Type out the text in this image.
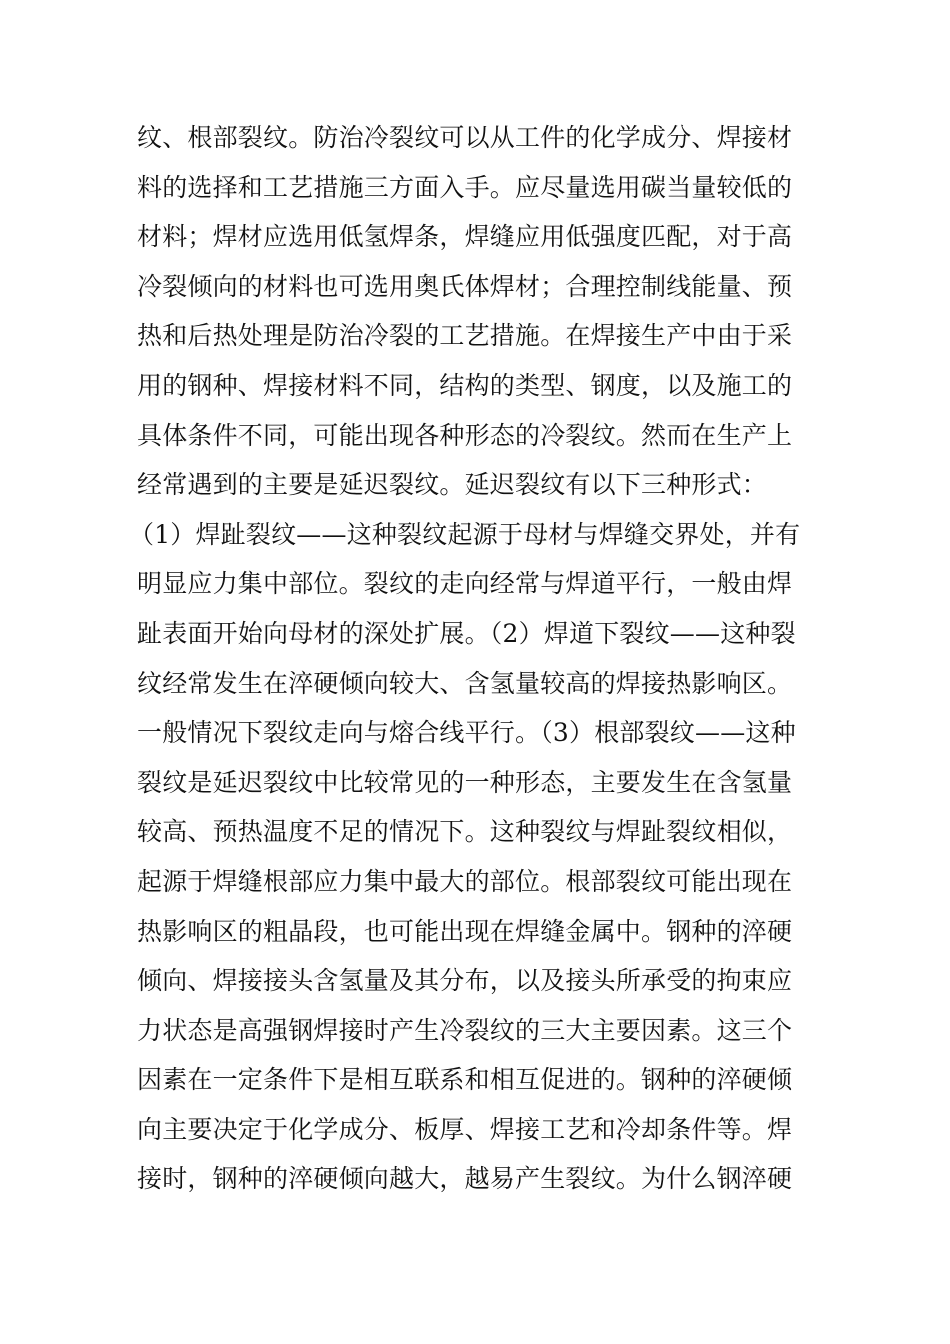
纹、根部裂纹。防治冷裂纹可以从工件的化学成分、焊接材
料的选择和工艺措施三方面入手。应尽量选用碳当量较低的
材料；焊材应选用低氢焊条，焊缝应用低强度匹配，对于高
冷裂倾向的材料也可选用奥氏体焊材；合理控制线能量、预
热和后热处理是防治冷裂的工艺措施。在焊接生产中由于采
用的钢种、焊接材料不同，结构的类型、钢度，以及施工的
具体条件不同，可能出现各种形态的冷裂纹。然而在生产上
经常遇到的主要是延迟裂纹。延迟裂纹有以下三种形式：
（1）焊趾裂纹——这种裂纹起源于母材与焊缝交界处，并有
明显应力集中部位。裂纹的走向经常与焊道平行，一般由焊
趾表面开始向母材的深处扩展。（2）焊道下裂纹——这种裂
纹经常发生在淬硬倾向较大、含氢量较高的焊接热影响区。
一般情况下裂纹走向与熔合线平行。（3）根部裂纹——这种
裂纹是延迟裂纹中比较常见的一种形态，主要发生在含氢量
较高、预热温度不足的情况下。这种裂纹与焊趾裂纹相似，
起源于焊缝根部应力集中最大的部位。根部裂纹可能出现在
热影响区的粗晶段，也可能出现在焊缝金属中。钢种的淬硬
倾向、焊接接头含氢量及其分布，以及接头所承受的拘束应
力状态是高强钢焊接时产生冷裂纹的三大主要因素。这三个
因素在一定条件下是相互联系和相互促进的。钢种的淬硬倾
向主要决定于化学成分、板厚、焊接工艺和冷却条件等。焊
接时，钢种的淬硬倾向越大，越易产生裂纹。为什么钢淬硬
